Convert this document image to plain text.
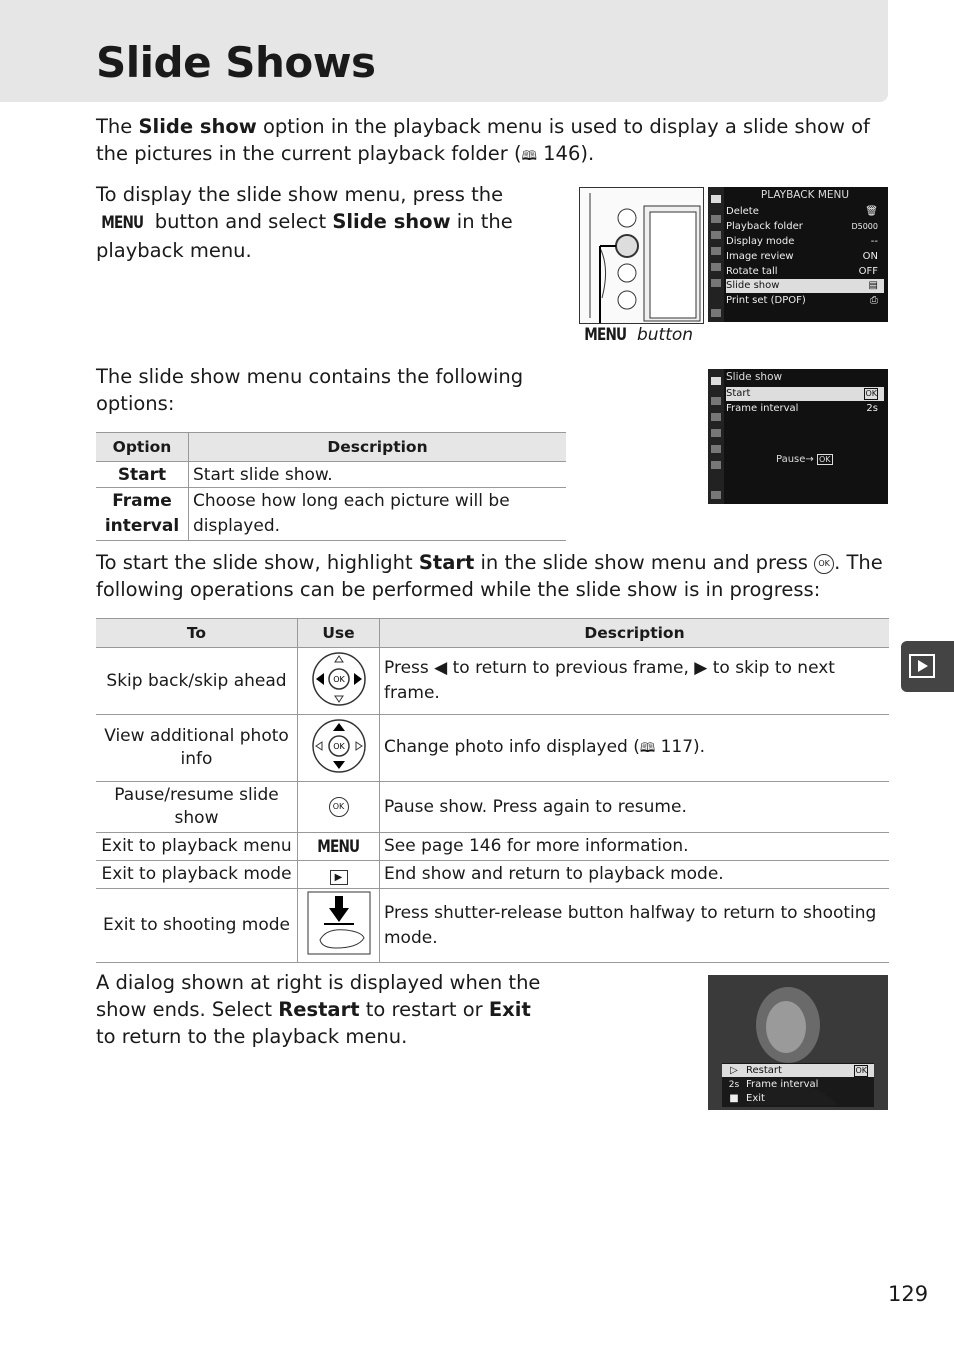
Slide Shows

The Slide show option in the playback menu is used to display a slide show of the pictures in the current playback folder (🕮 146).

To display the slide show menu, press the MENU button and select Slide show in the playback menu.

MENU button
PLAYBACK MENU
Delete	🗑
Playback folder	D5000
Display mode	--
Image review	ON
Rotate tall	OFF
Slide show	▤
Print set (DPOF)	⎙

The slide show menu contains the following options:

Slide show
Start	OK
Frame interval	2s
Pause→ OK
Option	Description
Start	Start slide show.
Frame interval	Choose how long each picture will be displayed.

To start the slide show, highlight Start in the slide show menu and press OK . The following operations can be performed while the slide show is in progress:

To	Use	Description
Skip back/skip ahead	OK	Press ◀ to return to previous frame, ▶ to skip to next frame.
View additional photo info	OK	Change photo info displayed (🕮 117).
Pause/resume slide show	OK	Pause show. Press again to resume.
Exit to playback menu	MENU	See page 146 for more information.
Exit to playback mode	▶	End show and return to playback mode.
Exit to shooting mode		Press shutter-release button halfway to return to shooting mode.

A dialog shown at right is displayed when the show ends. Select Restart to restart or Exit to return to the playback menu.

▷ Restart	OK
2s Frame interval
■ Exit
129
